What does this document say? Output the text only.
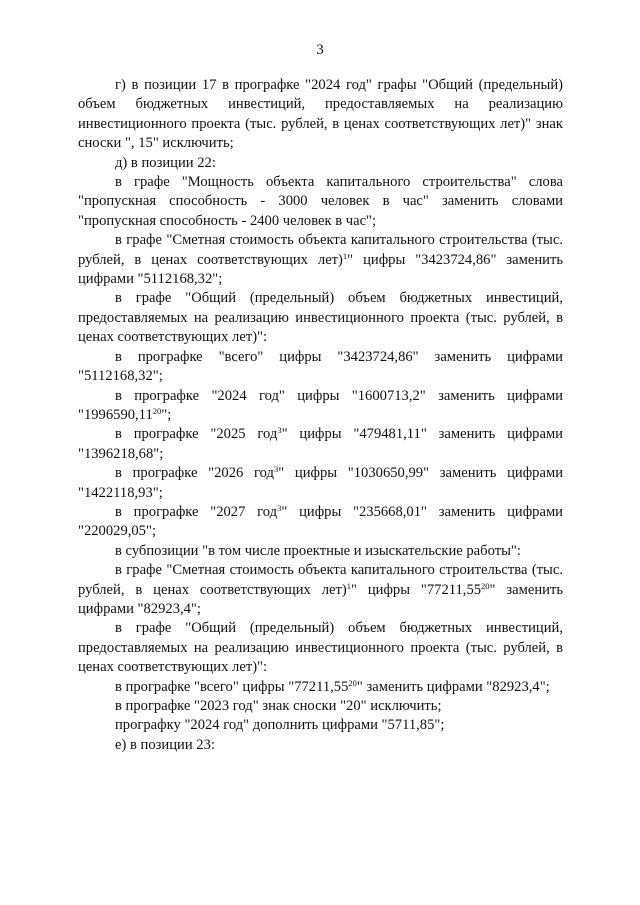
3

г) в позиции 17 в прографке "2024 год" графы "Общий (предельный) объем бюджетных инвестиций, предоставляемых на реализацию инвестиционного проекта (тыс. рублей, в ценах соответствующих лет)" знак сноски ", 15" исключить;

д) в позиции 22:

в графе "Мощность объекта капитального строительства" слова "пропускная способность - 3000 человек в час" заменить словами "пропускная способность - 2400 человек в час";

в графе "Сметная стоимость объекта капитального строительства (тыс. рублей, в ценах соответствующих лет)$^1$" цифры "3423724,86" заменить цифрами "5112168,32";

в графе "Общий (предельный) объем бюджетных инвестиций, предоставляемых на реализацию инвестиционного проекта (тыс. рублей, в ценах соответствующих лет)":

в прографке "всего" цифры "3423724,86" заменить цифрами "5112168,32";

в прографке "2024 год" цифры "1600713,2" заменить цифрами "1996590,11$^{20}$";

в прографке "2025 год$^3$" цифры "479481,11" заменить цифрами "1396218,68";

в прографке "2026 год$^3$" цифры "1030650,99" заменить цифрами "1422118,93";

в прографке "2027 год$^3$" цифры "235668,01" заменить цифрами "220029,05";

в субпозиции "в том числе проектные и изыскательские работы":

в графе "Сметная стоимость объекта капитального строительства (тыс. рублей, в ценах соответствующих лет)$^1$" цифры "77211,55$^{20}$" заменить цифрами "82923,4";

в графе "Общий (предельный) объем бюджетных инвестиций, предоставляемых на реализацию инвестиционного проекта (тыс. рублей, в ценах соответствующих лет)":

в прографке "всего" цифры "77211,55$^{20}$" заменить цифрами "82923,4";

в прографке "2023 год" знак сноски "20" исключить;

прографку "2024 год" дополнить цифрами "5711,85";

е) в позиции 23:
